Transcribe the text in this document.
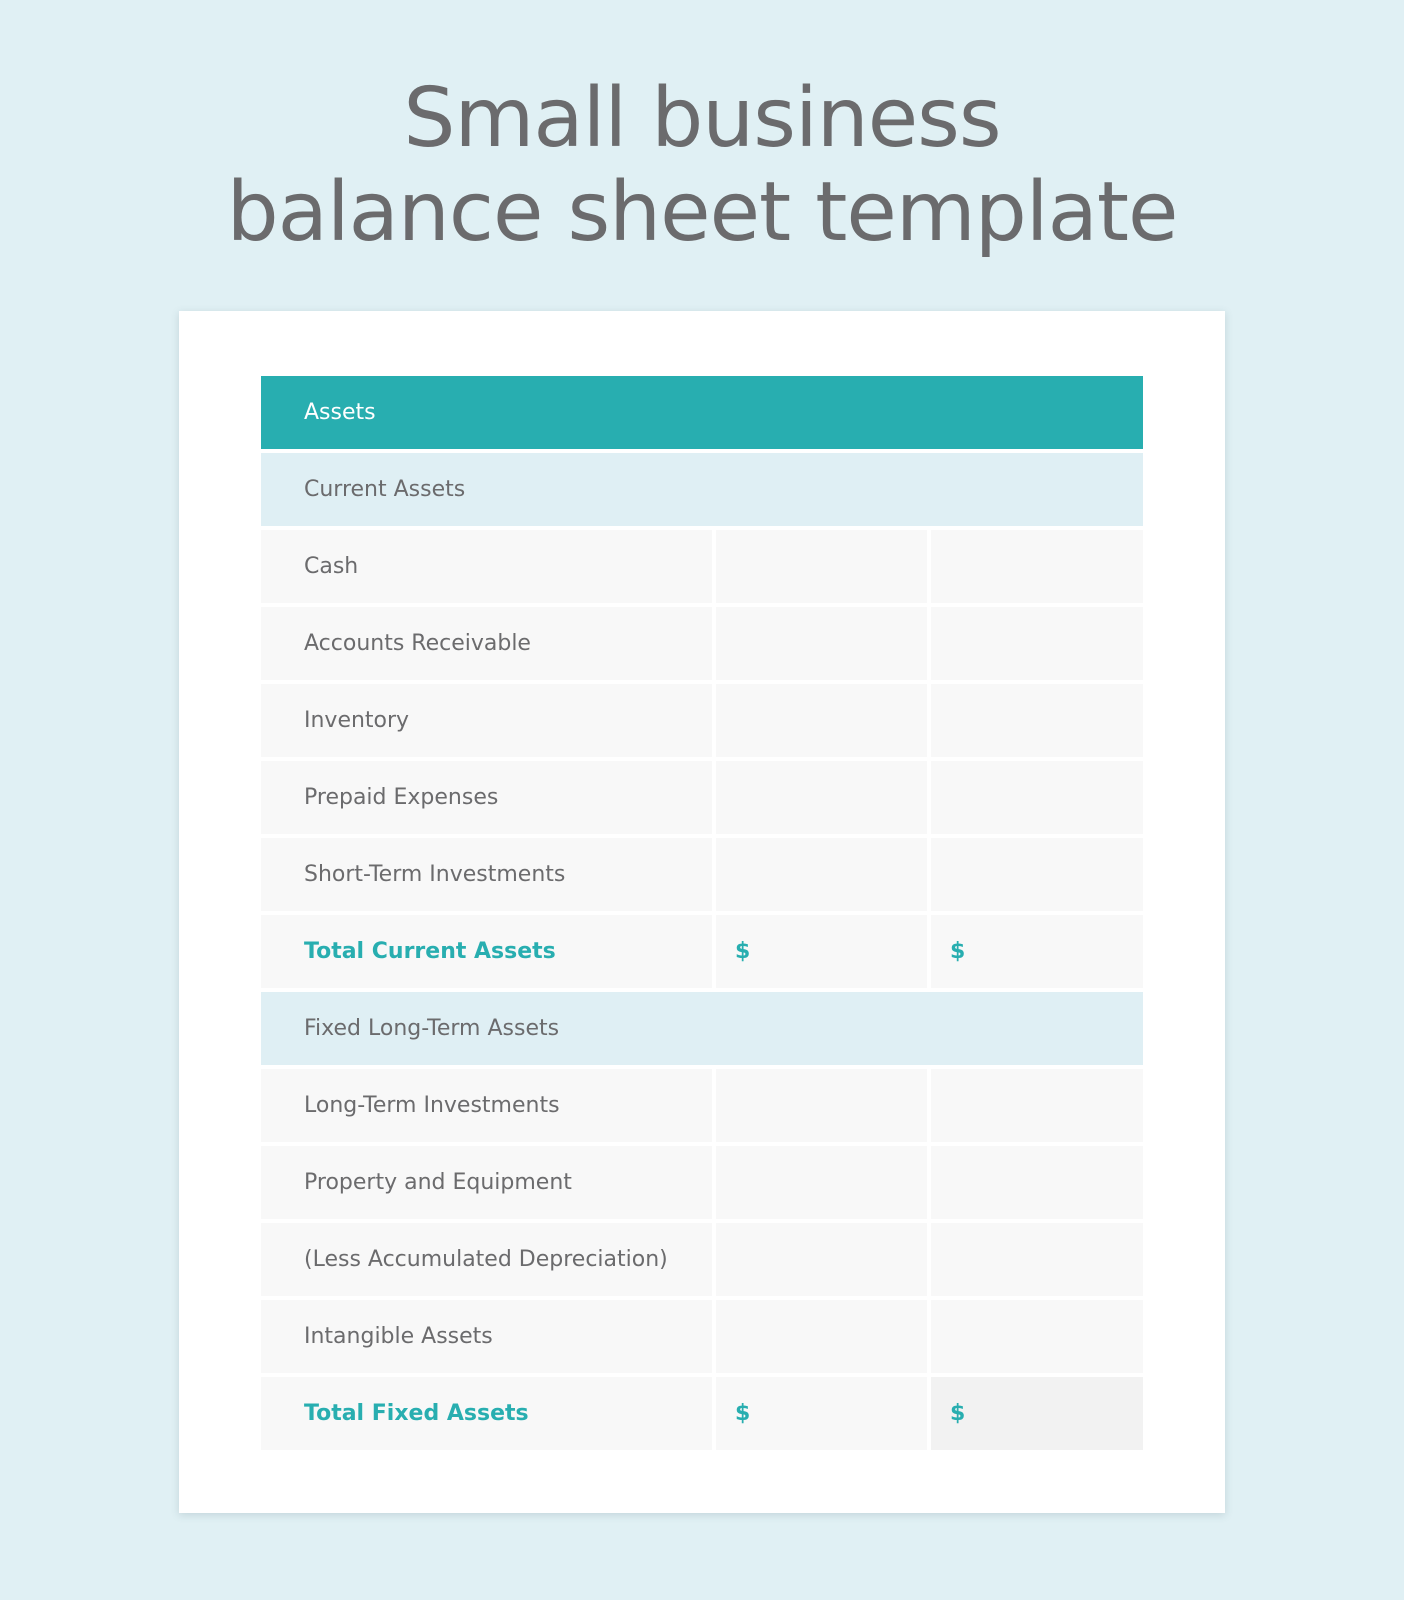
Small business
balance sheet template
Assets
Current Assets
Cash
Accounts Receivable
Inventory
Prepaid Expenses
Short-Term Investments
Total Current Assets	$	$
Fixed Long-Term Assets
Long-Term Investments
Property and Equipment
(Less Accumulated Depreciation)
Intangible Assets
Total Fixed Assets	$	$
